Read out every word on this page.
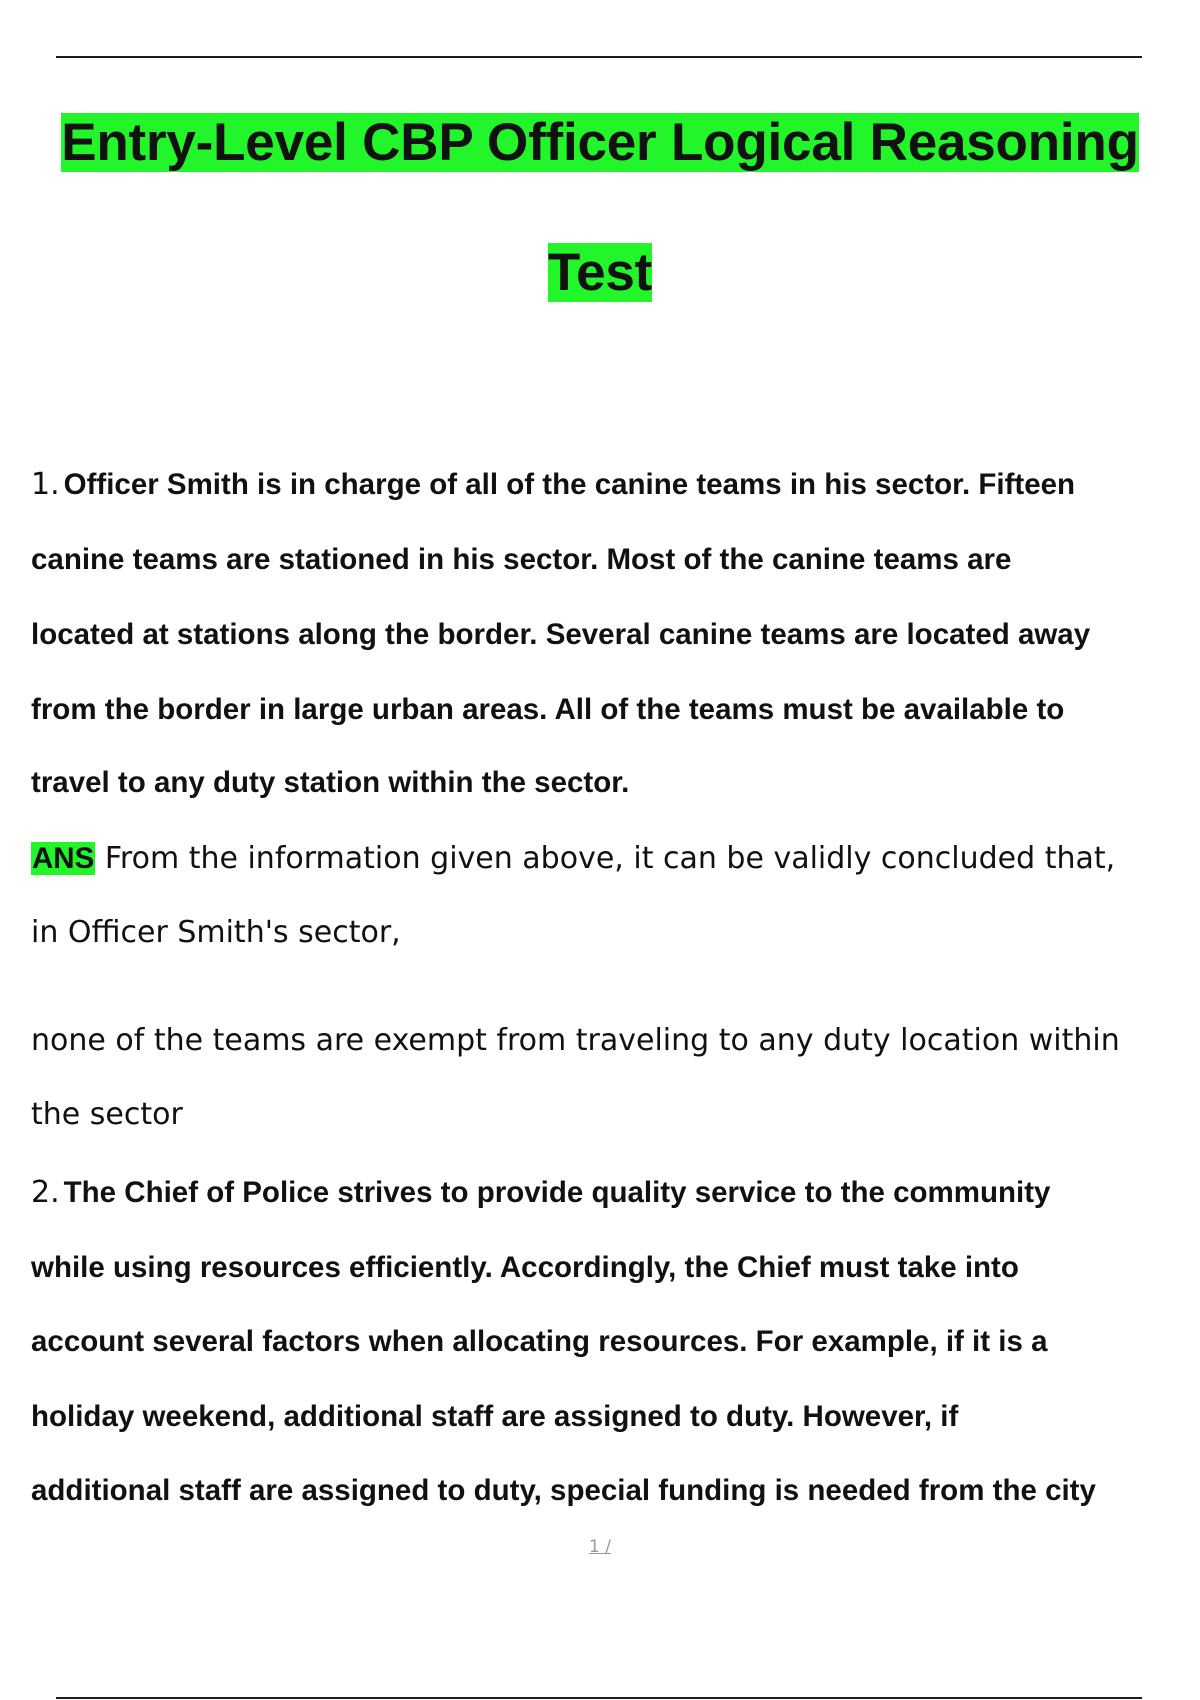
Entry-Level CBP Officer Logical Reasoning
Test
1. Officer Smith is in charge of all of the canine teams in his sector. Fifteen
canine teams are stationed in his sector. Most of the canine teams are
located at stations along the border. Several canine teams are located away
from the border in large urban areas. All of the teams must be available to
travel to any duty station within the sector.
ANS From the information given above, it can be validly concluded that,
in Officer Smith's sector,
none of the teams are exempt from traveling to any duty location within
the sector
2. The Chief of Police strives to provide quality service to the community
while using resources efficiently. Accordingly, the Chief must take into
account several factors when allocating resources. For example, if it is a
holiday weekend, additional staff are assigned to duty. However, if
additional staff are assigned to duty, special funding is needed from the city
1 /
